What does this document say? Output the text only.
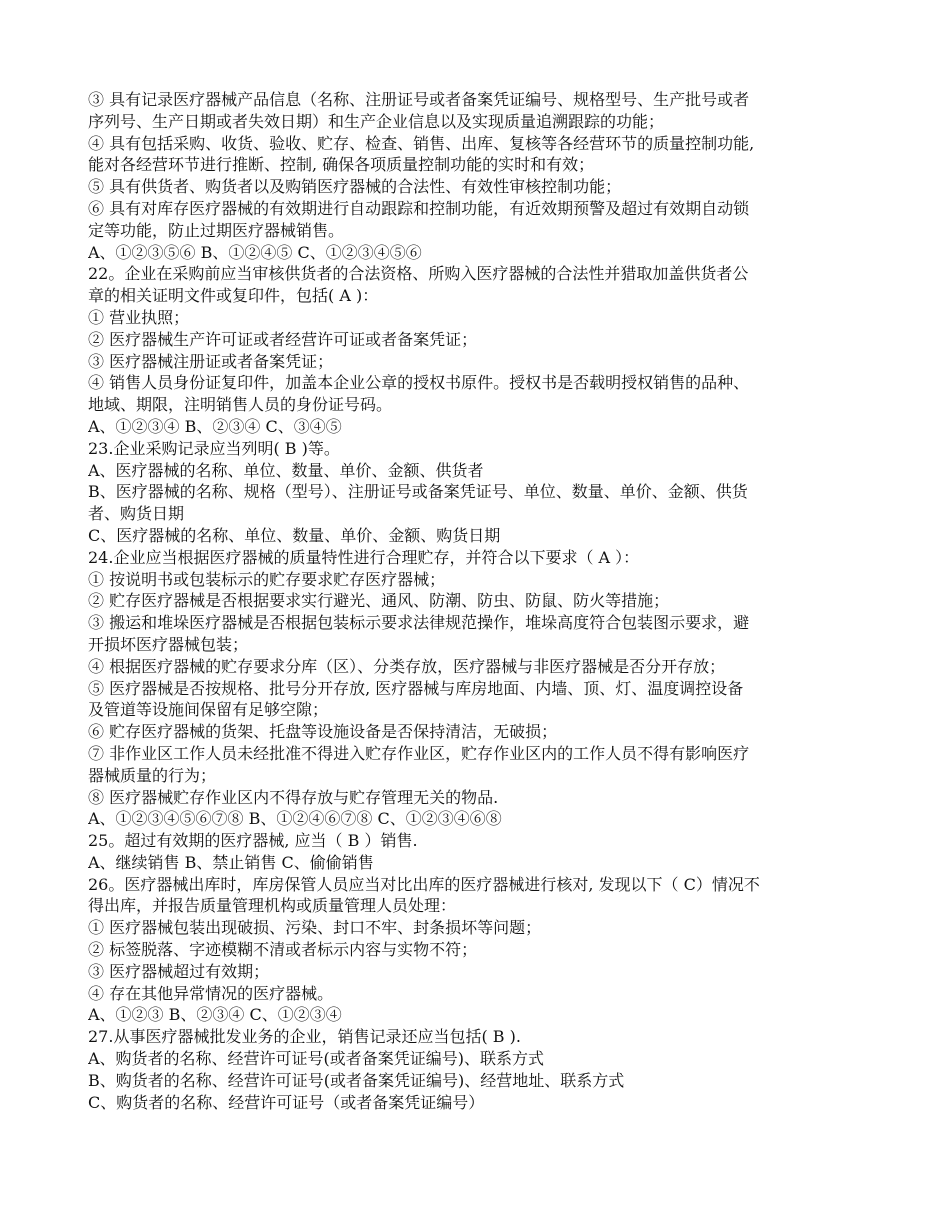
③ 具有记录医疗器械产品信息（名称、注册证号或者备案凭证编号、规格型号、生产批号或者

序列号、生产日期或者失效日期）和生产企业信息以及实现质量追溯跟踪的功能；

④ 具有包括采购、收货、验收、贮存、检查、销售、出库、复核等各经营环节的质量控制功能,

能对各经营环节进行推断、控制, 确保各项质量控制功能的实时和有效；

⑤ 具有供货者、购货者以及购销医疗器械的合法性、有效性审核控制功能；

⑥ 具有对库存医疗器械的有效期进行自动跟踪和控制功能，有近效期预警及超过有效期自动锁

定等功能，防止过期医疗器械销售。

A、①②③⑤⑥ B、①②④⑤ C、①②③④⑤⑥

22。企业在采购前应当审核供货者的合法资格、所购入医疗器械的合法性并猎取加盖供货者公

章的相关证明文件或复印件，包括( A )：

① 营业执照；

② 医疗器械生产许可证或者经营许可证或者备案凭证；

③ 医疗器械注册证或者备案凭证；

④ 销售人员身份证复印件，加盖本企业公章的授权书原件。授权书是否载明授权销售的品种、

地域、期限，注明销售人员的身份证号码。

A、①②③④ B、②③④ C、③④⑤

23.企业采购记录应当列明( B )等。

A、医疗器械的名称、单位、数量、单价、金额、供货者

B、医疗器械的名称、规格（型号）、注册证号或备案凭证号、单位、数量、单价、金额、供货

者、购货日期

C、医疗器械的名称、单位、数量、单价、金额、购货日期

24.企业应当根据医疗器械的质量特性进行合理贮存，并符合以下要求（ A ）：

① 按说明书或包装标示的贮存要求贮存医疗器械；

② 贮存医疗器械是否根据要求实行避光、通风、防潮、防虫、防鼠、防火等措施；

③ 搬运和堆垛医疗器械是否根据包装标示要求法律规范操作，堆垛高度符合包装图示要求，避

开损坏医疗器械包装；

④ 根据医疗器械的贮存要求分库（区）、分类存放，医疗器械与非医疗器械是否分开存放；

⑤ 医疗器械是否按规格、批号分开存放, 医疗器械与库房地面、内墙、顶、灯、温度调控设备

及管道等设施间保留有足够空隙；

⑥ 贮存医疗器械的货架、托盘等设施设备是否保持清洁，无破损；

⑦ 非作业区工作人员未经批准不得进入贮存作业区，贮存作业区内的工作人员不得有影响医疗

器械质量的行为；

⑧ 医疗器械贮存作业区内不得存放与贮存管理无关的物品.

A、①②③④⑤⑥⑦⑧ B、①②④⑥⑦⑧ C、①②③④⑥⑧

25。超过有效期的医疗器械, 应当（ B ）销售.

A、继续销售 B、禁止销售 C、偷偷销售

26。医疗器械出库时，库房保管人员应当对比出库的医疗器械进行核对, 发现以下（ C）情况不

得出库，并报告质量管理机构或质量管理人员处理：

① 医疗器械包装出现破损、污染、封口不牢、封条损坏等问题；

② 标签脱落、字迹模糊不清或者标示内容与实物不符；

③ 医疗器械超过有效期；

④ 存在其他异常情况的医疗器械。

A、①②③ B、②③④ C、①②③④

27.从事医疗器械批发业务的企业，销售记录还应当包括( B ).

A、购货者的名称、经营许可证号(或者备案凭证编号)、联系方式

B、购货者的名称、经营许可证号(或者备案凭证编号)、经营地址、联系方式

C、购货者的名称、经营许可证号（或者备案凭证编号）
